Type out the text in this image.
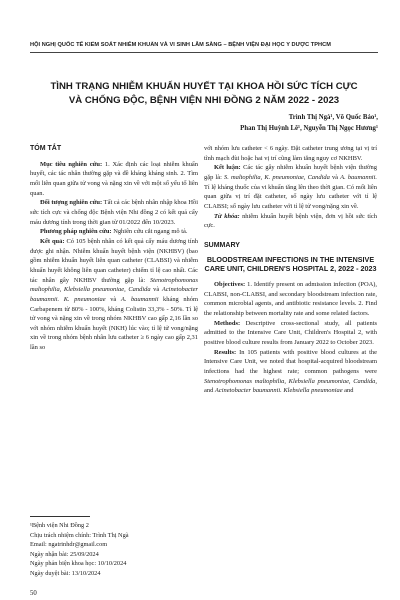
HỘI NGHỊ QUỐC TẾ KIỂM SOÁT NHIỄM KHUẨN VÀ VI SINH LÂM SÀNG – BỆNH VIỆN ĐẠI HỌC Y DƯỢC TPHCM
TÌNH TRẠNG NHIỄM KHUẨN HUYẾT TẠI KHOA HỒI SỨC TÍCH CỰC
VÀ CHỐNG ĐỘC, BỆNH VIỆN NHI ĐỒNG 2 NĂM 2022 - 2023
Trình Thị Ngà¹, Võ Quốc Bảo¹,
Phan Thị Huỳnh Lê¹, Nguyễn Thị Ngọc Hương¹
TÓM TẮT

Mục tiêu nghiên cứu: 1. Xác định các loại nhiễm khuẩn huyết, các tác nhân thường gặp và đề kháng kháng sinh. 2. Tìm mối liên quan giữa tử vong và nặng xin về với một số yếu tố liên quan.

Đối tượng nghiên cứu: Tất cả các bệnh nhân nhập khoa Hồi sức tích cực và chống độc Bệnh viện Nhi đồng 2 có kết quả cấy máu dương tính trong thời gian từ 01/2022 đến 10/2023.

Phương pháp nghiên cứu: Nghiên cứu cắt ngang mô tả.

Kết quả: Có 105 bệnh nhân có kết quả cấy máu dương tính được ghi nhận. Nhiễm khuẩn huyết bệnh viện (NKHBV) (bao gồm nhiễm khuẩn huyết liên quan catheter (CLABSI) và nhiễm khuẩn huyết không liên quan catheter) chiếm tỉ lệ cao nhất. Các tác nhân gây NKHBV thường gặp là: Stenotrophomonas maltophilia, Klebsiella pneumoniae, Candida và Acinetobacter baumannii. K. pneumoniae và A. baumannii kháng nhóm Carbapenem từ 80% - 100%, kháng Colistin 33,3% - 50%. Tỉ lệ tử vong và nặng xin về trong nhóm NKHBV cao gấp 2,16 lần so với nhóm nhiễm khuẩn huyết (NKH) lúc vào; tỉ lệ tử vong/nặng xin về trong nhóm bệnh nhân lưu catheter ≥ 6 ngày cao gấp 2,31 lần so

¹Bệnh viện Nhi Đồng 2
Chịu trách nhiệm chính: Trình Thị Ngà
Email: ngatrinhdr@gmail.com
Ngày nhận bài: 25/09/2024
Ngày phản biện khoa học: 10/10/2024
Ngày duyệt bài: 13/10/2024
50

với nhóm lưu catheter < 6 ngày. Đặt catheter trung ương tại vị trí tĩnh mạch đùi hoặc hai vị trí cũng làm tăng nguy cơ NKHBV.

Kết luận: Các tác gây nhiễm khuẩn huyết bệnh viện thường gặp là: S. maltophilia, K. pneumoniae, Candida và A. baumannii. Tỉ lệ kháng thuốc của vi khuẩn tăng lên theo thời gian. Có mối liên quan giữa vị trí đặt catheter, số ngày lưu catheter với tỉ lệ CLABSI; số ngày lưu catheter với tỉ lệ tử vong/nặng xin về.

Từ khóa: nhiễm khuẩn huyết bệnh viện, đơn vị hồi sức tích cực.

SUMMARY
BLOODSTREAM INFECTIONS IN THE INTENSIVE CARE UNIT, CHILDREN'S HOSPITAL 2, 2022 - 2023

Objectives: 1. Identify present on admission infection (POA), CLABSI, non-CLABSI, and secondary bloodstream infection rate, common microbial agents, and antibiotic resistance levels. 2. Find the relationship between mortality rate and some related factors.

Methods: Descriptive cross-sectional study, all patients admitted to the Intensive Care Unit, Children's Hospital 2, with positive blood culture results from January 2022 to October 2023.

Results: In 105 patients with positive blood cultures at the Intensive Care Unit, we noted that hospital-acquired bloodstream infections had the highest rate; common pathogens were Stenotrophomonas maltophilia, Klebsiella pneumoniae, Candida, and Acinetobacter baumannii. Klebsiella pneumoniae and
